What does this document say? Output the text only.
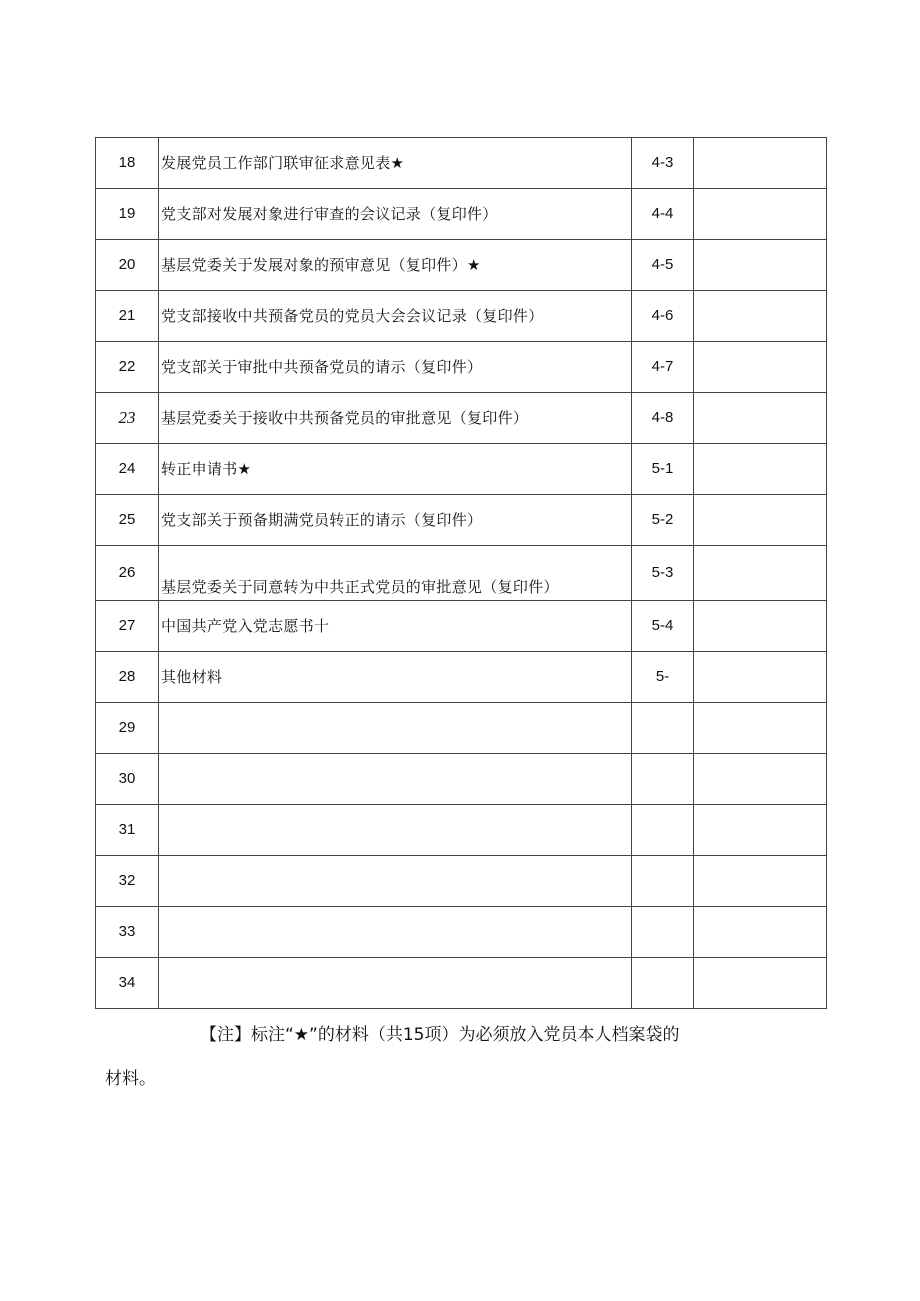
18	发展党员工作部门联审征求意见表★	4-3	
19	党支部对发展对象进行审查的会议记录（复印件）	4-4	
20	基层党委关于发展对象的预审意见（复印件）★	4-5	
21	党支部接收中共预备党员的党员大会会议记录（复印件）	4-6	
22	党支部关于审批中共预备党员的请示（复印件）	4-7	
23	基层党委关于接收中共预备党员的审批意见（复印件）	4-8	
24	转正申请书★	5-1	
25	党支部关于预备期满党员转正的请示（复印件）	5-2	
26	基层党委关于同意转为中共正式党员的审批意见（复印件）	5-3	
27	中国共产党入党志愿书十	5-4	
28	其他材料	5-	
29			
30			
31			
32			
33			
34			
【注】标注“★”的材料（共15项）为必须放入党员本人档案袋的
材料。
